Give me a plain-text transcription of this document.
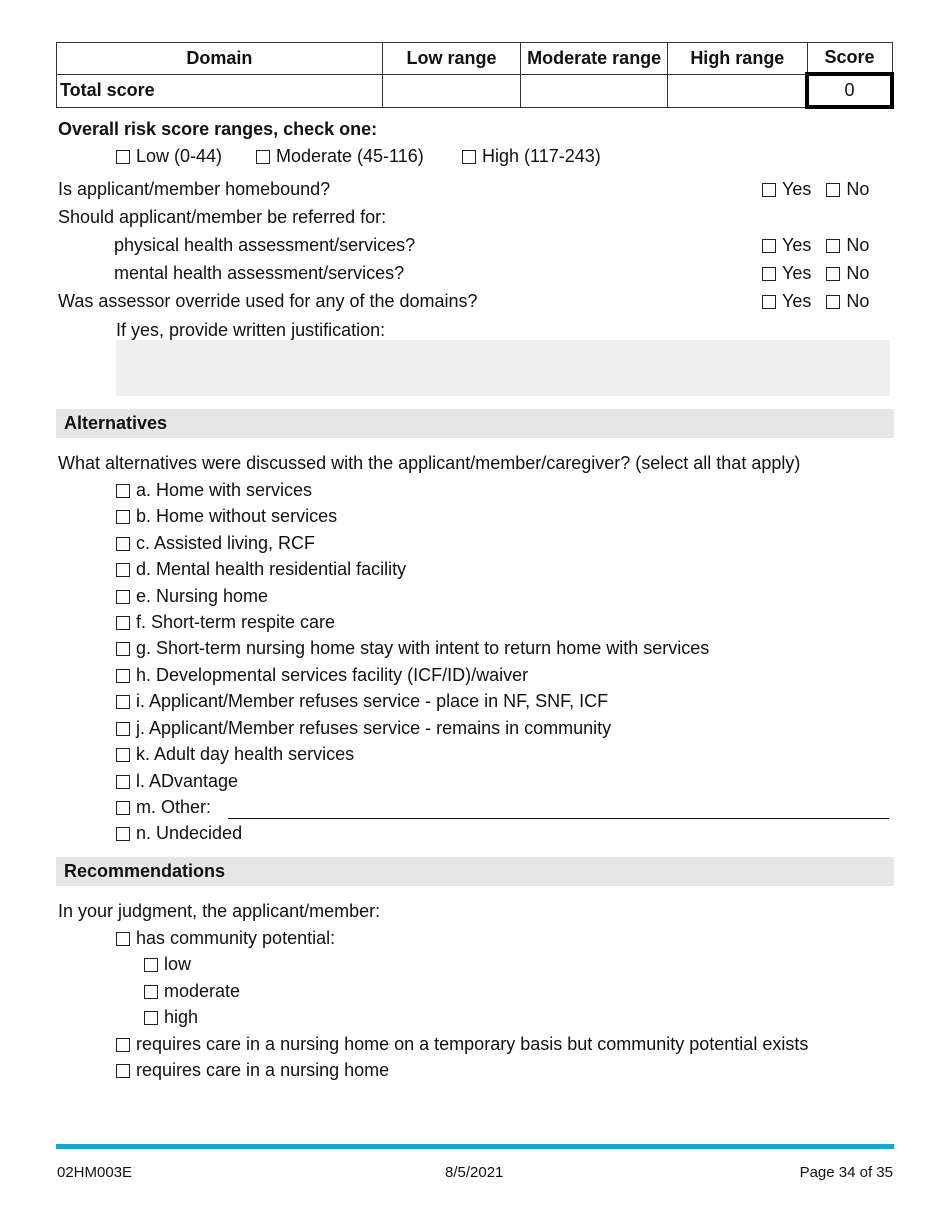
Domain	Low range	Moderate range	High range	Score
Total score				0
Overall risk score ranges, check one:
Low (0-44)	Moderate (45-116)	High (117-243)
Is applicant/member homebound?	Yes No
Should applicant/member be referred for:
physical health assessment/services?	Yes No
mental health assessment/services?	Yes No
Was assessor override used for any of the domains?	Yes No
If yes, provide written justification:
Alternatives
What alternatives were discussed with the applicant/member/caregiver? (select all that apply)
a. Home with services
b. Home without services
c. Assisted living, RCF
d. Mental health residential facility
e. Nursing home
f. Short-term respite care
g. Short-term nursing home stay with intent to return home with services
h. Developmental services facility (ICF/ID)/waiver
i. Applicant/Member refuses service - place in NF, SNF, ICF
j. Applicant/Member refuses service - remains in community
k. Adult day health services
l. ADvantage
m. Other:
n. Undecided
Recommendations
In your judgment, the applicant/member:
has community potential:
low
moderate
high
requires care in a nursing home on a temporary basis but community potential exists
requires care in a nursing home
02HM003E	8/5/2021	Page 34 of 35
